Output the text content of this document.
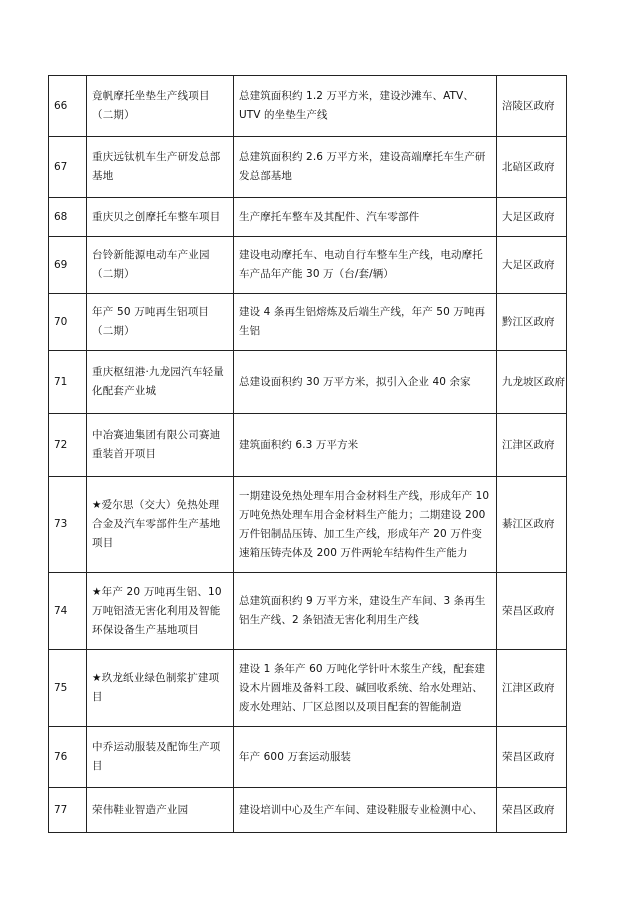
66	竟帆摩托坐垫生产线项目（二期）	总建筑面积约 1.2 万平方米，建设沙滩车、ATV、UTV 的坐垫生产线	涪陵区政府
67	重庆远钛机车生产研发总部基地	总建筑面积约 2.6 万平方米，建设高端摩托车生产研发总部基地	北碚区政府
68	重庆贝之创摩托车整车项目	生产摩托车整车及其配件、汽车零部件	大足区政府
69	台铃新能源电动车产业园（二期）	建设电动摩托车、电动自行车整车生产线，电动摩托车产品年产能 30 万（台/套/辆）	大足区政府
70	年产 50 万吨再生铝项目（二期）	建设 4 条再生铝熔炼及后端生产线，年产 50 万吨再生铝	黔江区政府
71	重庆枢纽港·九龙园汽车轻量化配套产业城	总建设面积约 30 万平方米，拟引入企业 40 余家	九龙坡区政府
72	中冶赛迪集团有限公司赛迪重装首开项目	建筑面积约 6.3 万平方米	江津区政府
73	★爱尔思（交大）免热处理合金及汽车零部件生产基地项目	一期建设免热处理车用合金材料生产线，形成年产 10 万吨免热处理车用合金材料生产能力；二期建设 200 万件铝制品压铸、加工生产线，形成年产 20 万件变速箱压铸壳体及 200 万件两轮车结构件生产能力	綦江区政府
74	★年产 20 万吨再生铝、10 万吨铝渣无害化利用及智能环保设备生产基地项目	总建筑面积约 9 万平方米，建设生产车间、3 条再生铝生产线、2 条铝渣无害化利用生产线	荣昌区政府
75	★玖龙纸业绿色制浆扩建项目	建设 1 条年产 60 万吨化学针叶木浆生产线，配套建设木片圆堆及备料工段、碱回收系统、给水处理站、废水处理站、厂区总图以及项目配套的智能制造	江津区政府
76	中乔运动服装及配饰生产项目	年产 600 万套运动服装	荣昌区政府
77	荣伟鞋业智造产业园	建设培训中心及生产车间、建设鞋服专业检测中心、	荣昌区政府
